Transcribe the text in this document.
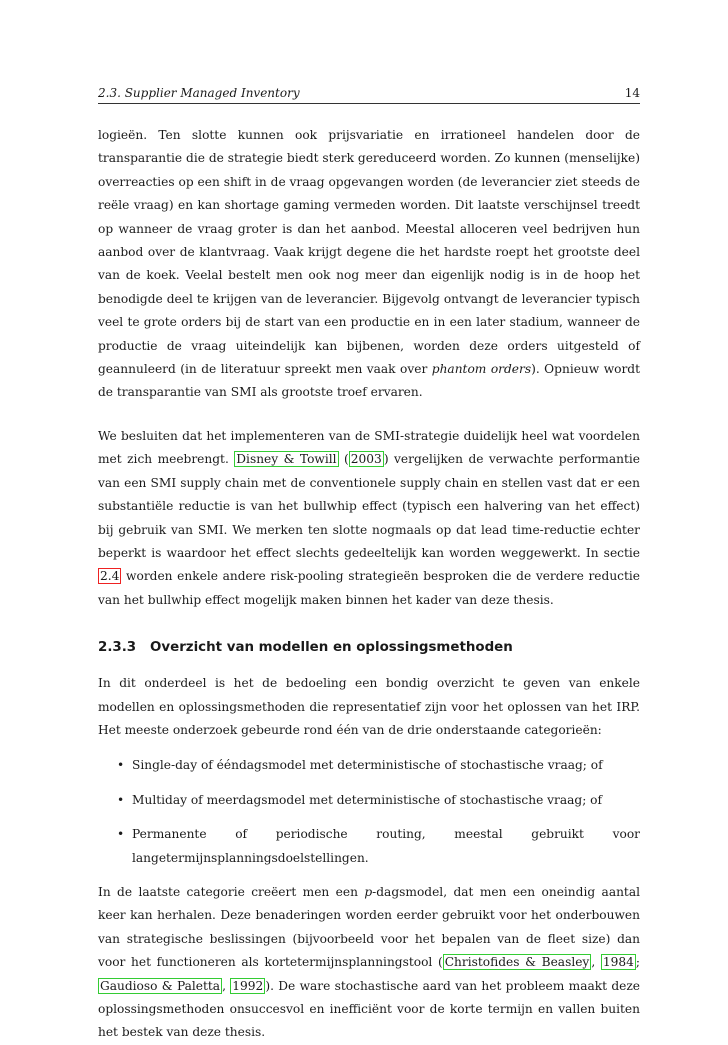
2.3. Supplier Managed Inventory	14

logieën. Ten slotte kunnen ook prijsvariatie en irrationeel handelen door de transparantie die de strategie biedt sterk gereduceerd worden. Zo kunnen (menselijke) overreacties op een shift in de vraag opgevangen worden (de leverancier ziet steeds de reële vraag) en kan shortage gaming vermeden worden. Dit laatste verschijnsel treedt op wanneer de vraag groter is dan het aanbod. Meestal alloceren veel bedrijven hun aanbod over de klantvraag. Vaak krijgt degene die het hardste roept het grootste deel van de koek. Veelal bestelt men ook nog meer dan eigenlijk nodig is in de hoop het benodigde deel te krijgen van de leverancier. Bijgevolg ontvangt de leverancier typisch veel te grote orders bij de start van een productie en in een later stadium, wanneer de productie de vraag uiteindelijk kan bijbenen, worden deze orders uitgesteld of geannuleerd (in de literatuur spreekt men vaak over phantom orders). Opnieuw wordt de transparantie van SMI als grootste troef ervaren.

We besluiten dat het implementeren van de SMI-strategie duidelijk heel wat voordelen met zich meebrengt. Disney & Towill ( 2003 ) vergelijken de verwachte performantie van een SMI supply chain met de conventionele supply chain en stellen vast dat er een substantiële reductie is van het bullwhip effect (typisch een halvering van het effect) bij gebruik van SMI. We merken ten slotte nogmaals op dat lead time-reductie echter beperkt is waardoor het effect slechts gedeeltelijk kan worden weggewerkt. In sectie 2.4 worden enkele andere risk-pooling strategieën besproken die de verdere reductie van het bullwhip effect mogelijk maken binnen het kader van deze thesis.

2.3.3	Overzicht van modellen en oplossingsmethoden

In dit onderdeel is het de bedoeling een bondig overzicht te geven van enkele modellen en oplossingsmethoden die representatief zijn voor het oplossen van het IRP. Het meeste onderzoek gebeurde rond één van de drie onderstaande categorieën:

• Single-day of ééndagsmodel met deterministische of stochastische vraag; of
• Multiday of meerdagsmodel met deterministische of stochastische vraag; of
• Permanente of periodische routing, meestal gebruikt voor langetermijnsplanningsdoelstellingen.

In de laatste categorie creëert men een p-dagsmodel, dat men een oneindig aantal keer kan herhalen. Deze benaderingen worden eerder gebruikt voor het onderbouwen van strategische beslissingen (bijvoorbeeld voor het bepalen van de fleet size) dan voor het functioneren als kortetermijnsplanningstool ( Christofides & Beasley , 1984 ; Gaudioso & Paletta , 1992 ). De ware stochastische aard van het probleem maakt deze oplossingsmethoden onsuccesvol en inefficiënt voor de korte termijn en vallen buiten het bestek van deze thesis.
